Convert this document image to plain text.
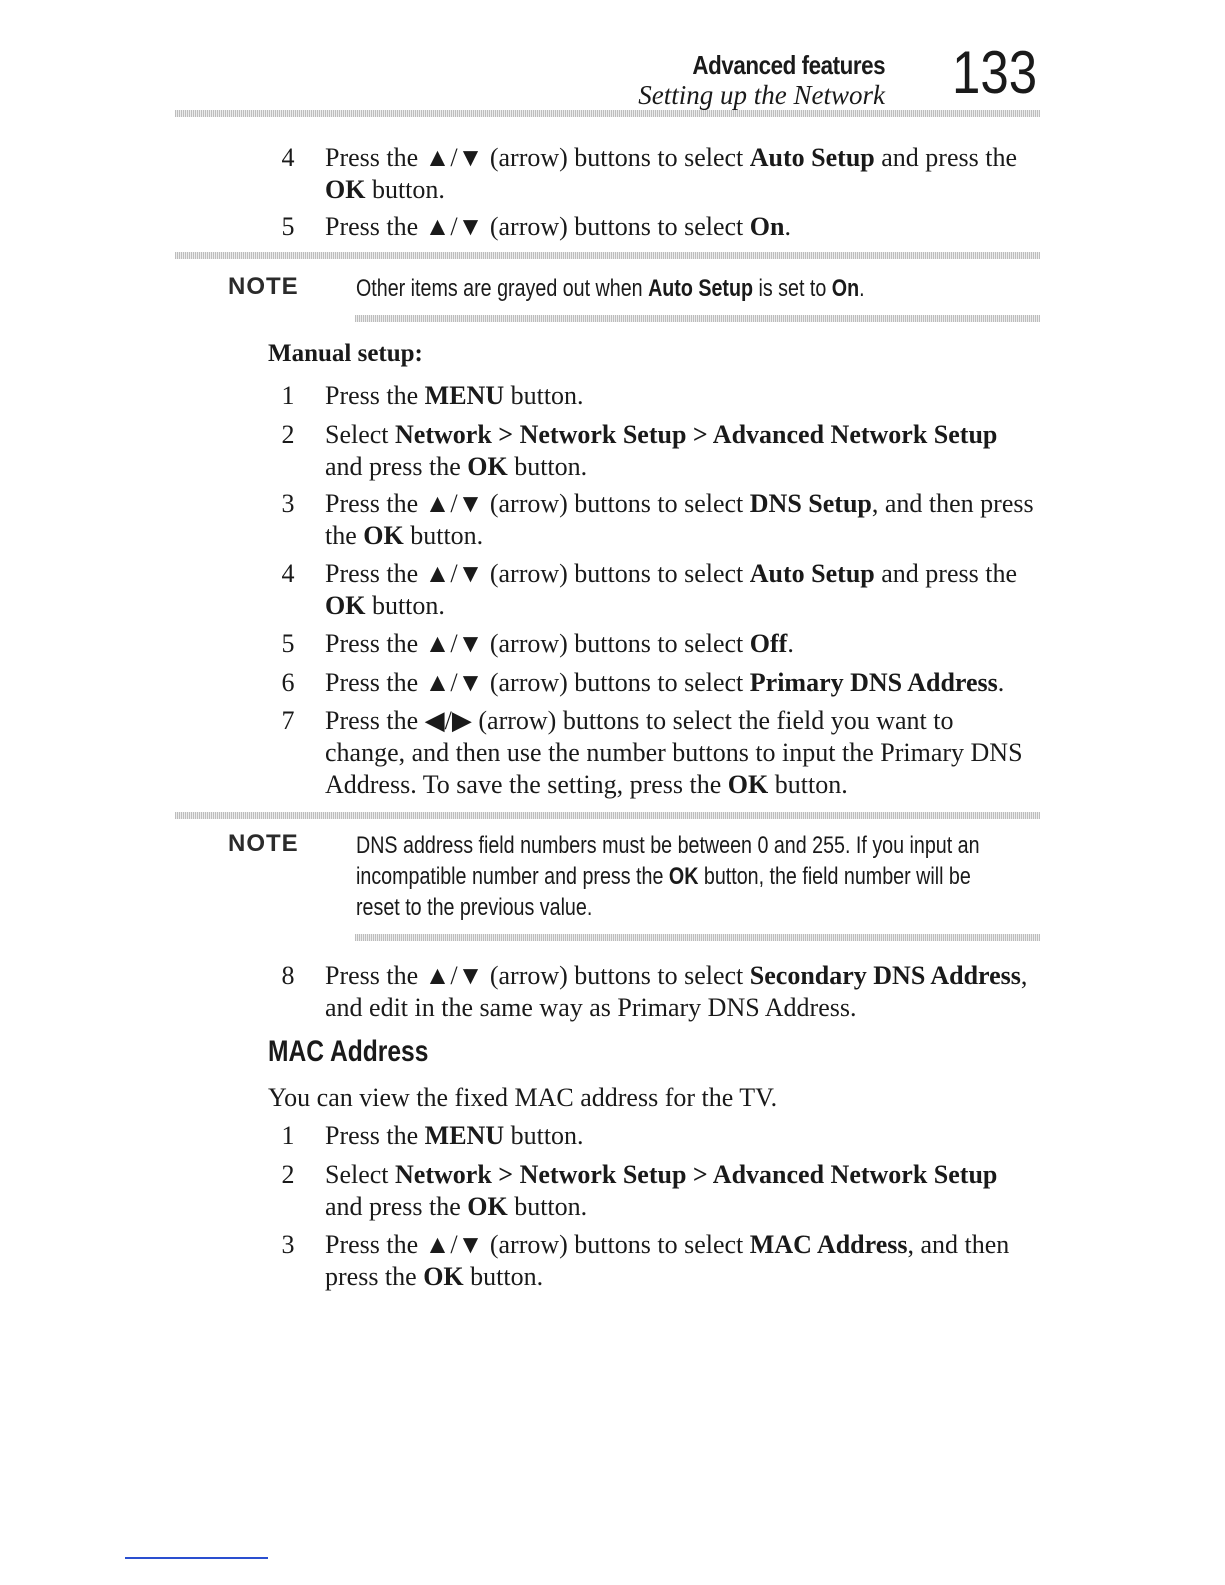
Advanced features
Setting up the Network 133
4 Press the ▲/▼ (arrow) buttons to select Auto Setup and press the OK button.
5 Press the ▲/▼ (arrow) buttons to select On.
NOTE Other items are grayed out when Auto Setup is set to On.
Manual setup:
1 Press the MENU button.
2 Select Network > Network Setup > Advanced Network Setup and press the OK button.
3 Press the ▲/▼ (arrow) buttons to select DNS Setup, and then press the OK button.
4 Press the ▲/▼ (arrow) buttons to select Auto Setup and press the OK button.
5 Press the ▲/▼ (arrow) buttons to select Off.
6 Press the ▲/▼ (arrow) buttons to select Primary DNS Address.
7 Press the ◀/▶ (arrow) buttons to select the field you want to change, and then use the number buttons to input the Primary DNS Address. To save the setting, press the OK button.
NOTE DNS address field numbers must be between 0 and 255. If you input an incompatible number and press the OK button, the field number will be reset to the previous value.
8 Press the ▲/▼ (arrow) buttons to select Secondary DNS Address, and edit in the same way as Primary DNS Address.
MAC Address
You can view the fixed MAC address for the TV.
1 Press the MENU button.
2 Select Network > Network Setup > Advanced Network Setup and press the OK button.
3 Press the ▲/▼ (arrow) buttons to select MAC Address, and then press the OK button.
